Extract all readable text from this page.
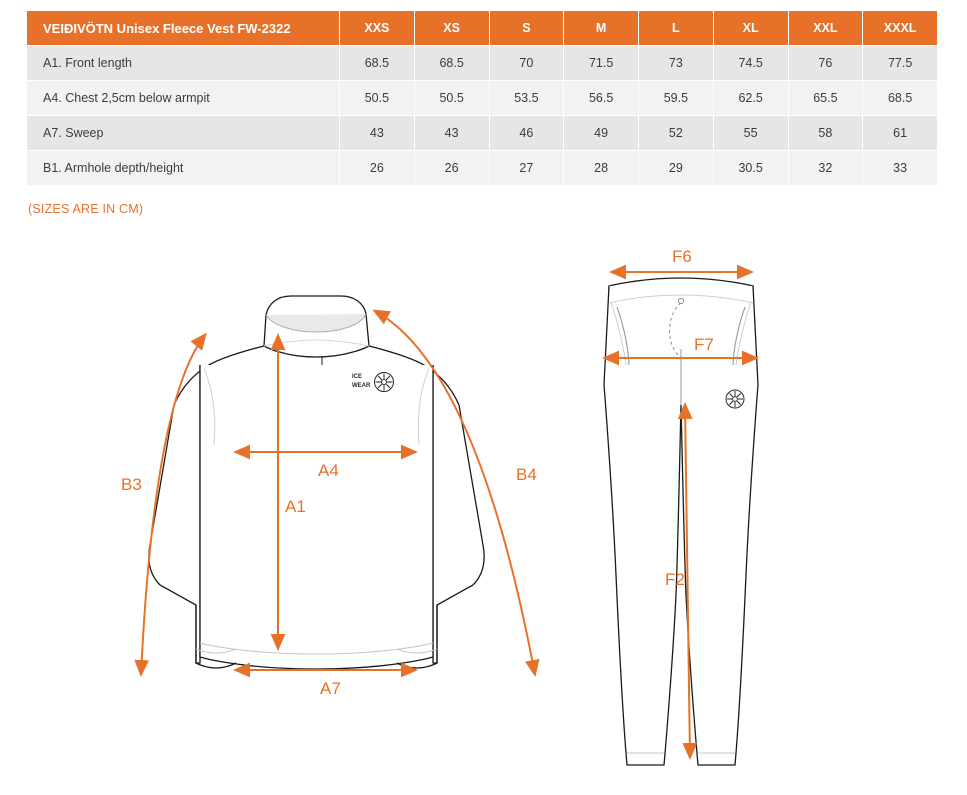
VEIÐIVÖTN Unisex Fleece Vest FW-2322	XXS	XS	S	M	L	XL	XXL	XXXL
A1. Front length	68.5	68.5	70	71.5	73	74.5	76	77.5
A4. Chest 2,5cm below armpit	50.5	50.5	53.5	56.5	59.5	62.5	65.5	68.5
A7. Sweep	43	43	46	49	52	55	58	61
B1. Armhole depth/height	26	26	27	28	29	30.5	32	33
(SIZES ARE IN CM)
ICE
WEAR
A4
A1
A7
B3
B4
F6
F7
F2
